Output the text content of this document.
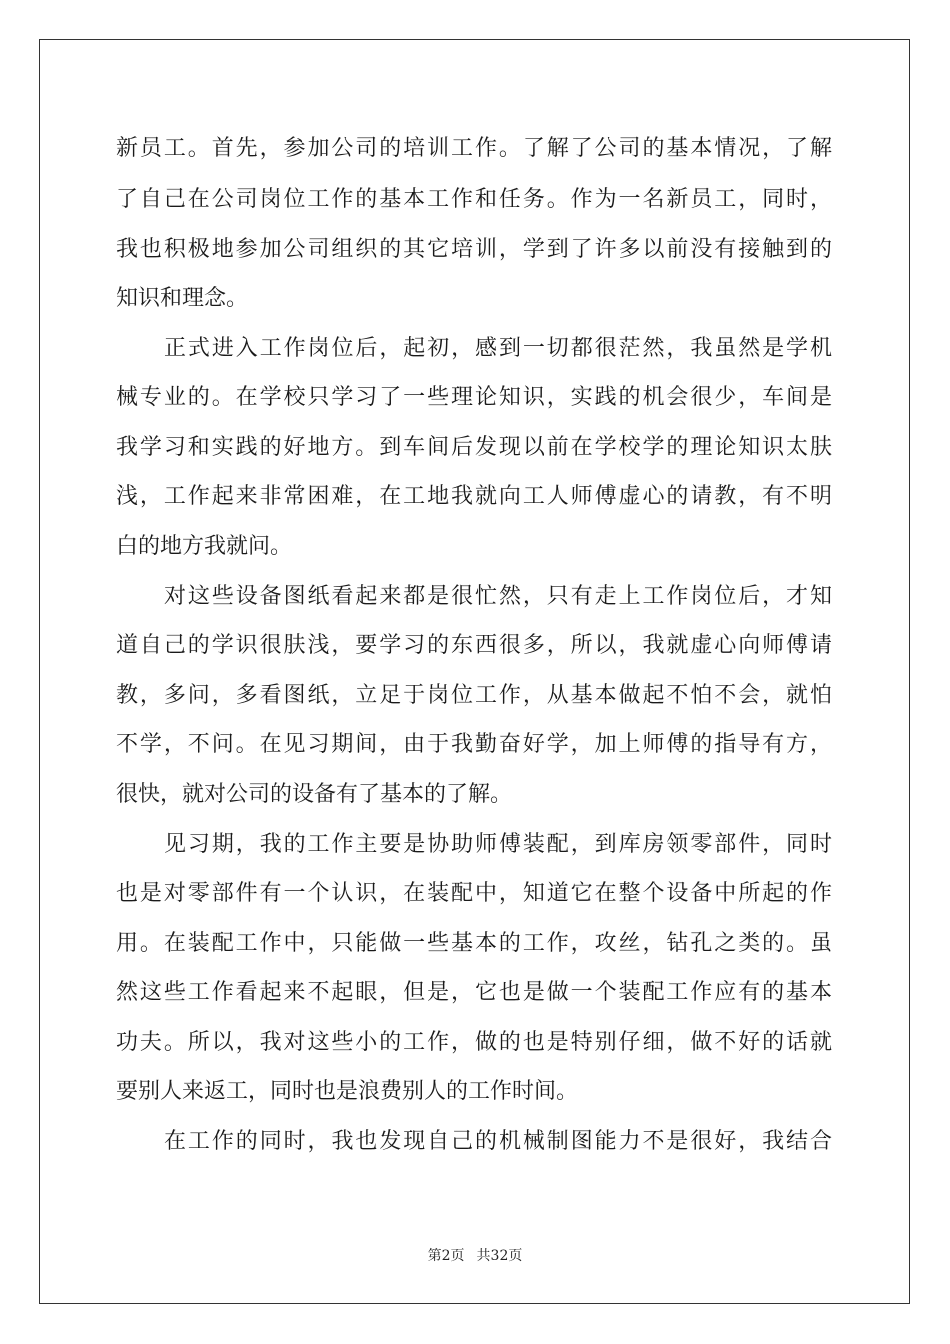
新员工。首先，参加公司的培训工作。了解了公司的基本情况，了解
了自己在公司岗位工作的基本工作和任务。作为一名新员工，同时，
我也积极地参加公司组织的其它培训，学到了许多以前没有接触到的
知识和理念。
正式进入工作岗位后，起初，感到一切都很茫然，我虽然是学机
械专业的。在学校只学习了一些理论知识，实践的机会很少，车间是
我学习和实践的好地方。到车间后发现以前在学校学的理论知识太肤
浅，工作起来非常困难，在工地我就向工人师傅虚心的请教，有不明
白的地方我就问。
对这些设备图纸看起来都是很忙然，只有走上工作岗位后，才知
道自己的学识很肤浅，要学习的东西很多，所以，我就虚心向师傅请
教，多问，多看图纸，立足于岗位工作，从基本做起不怕不会，就怕
不学，不问。在见习期间，由于我勤奋好学，加上师傅的指导有方，
很快，就对公司的设备有了基本的了解。
见习期，我的工作主要是协助师傅装配，到库房领零部件，同时
也是对零部件有一个认识，在装配中，知道它在整个设备中所起的作
用。在装配工作中，只能做一些基本的工作，攻丝，钻孔之类的。虽
然这些工作看起来不起眼，但是，它也是做一个装配工作应有的基本
功夫。所以，我对这些小的工作，做的也是特别仔细，做不好的话就
要别人来返工，同时也是浪费别人的工作时间。
在工作的同时，我也发现自己的机械制图能力不是很好，我结合
第2页 共32页
